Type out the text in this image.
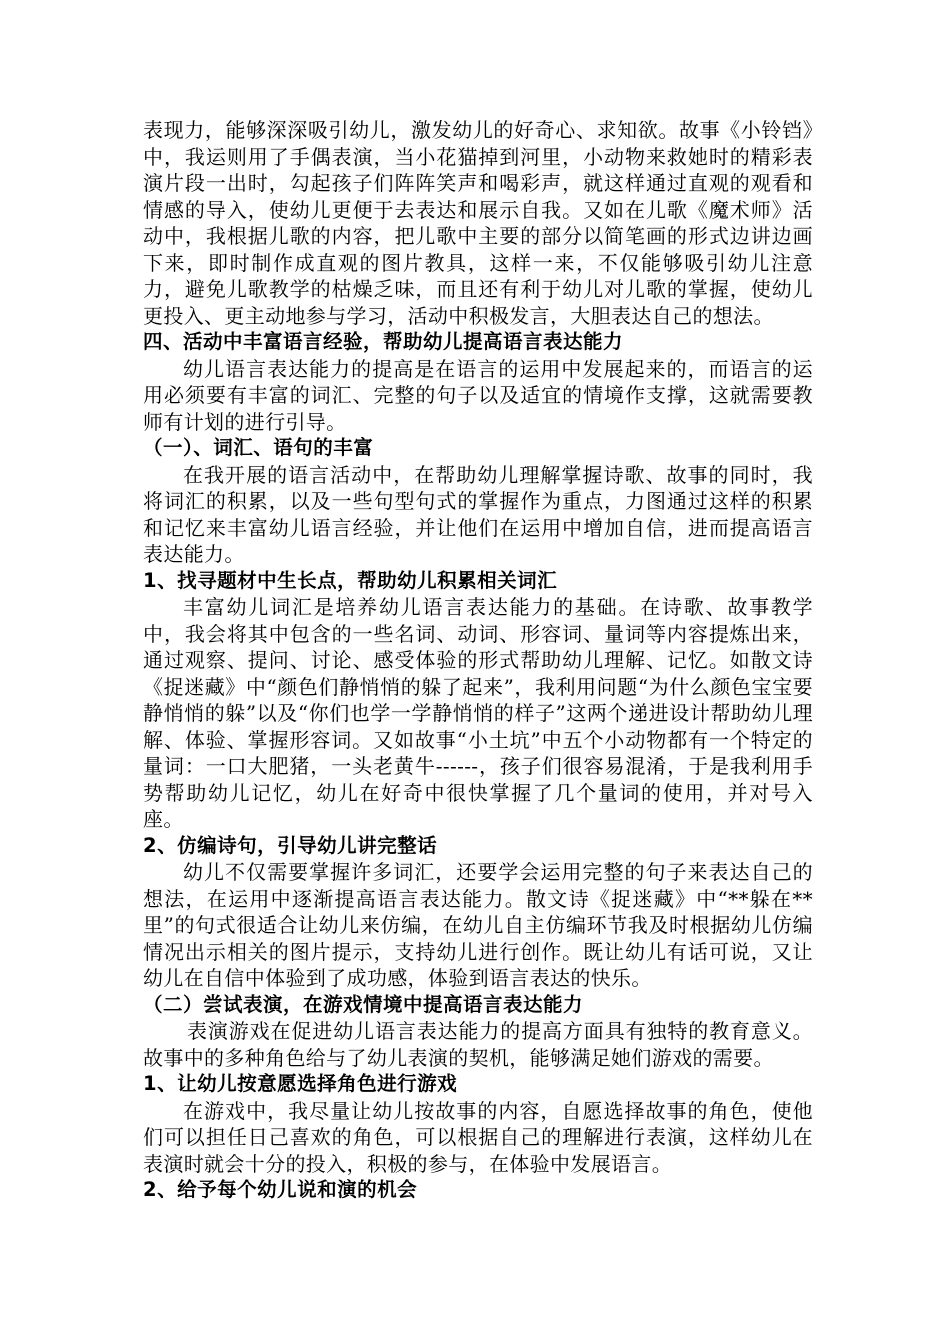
表现力，能够深深吸引幼儿，激发幼儿的好奇心、求知欲。故事《小铃铛》中，我运则用了手偶表演，当小花猫掉到河里，小动物来救她时的精彩表演片段一出时，勾起孩子们阵阵笑声和喝彩声，就这样通过直观的观看和情感的导入，使幼儿更便于去表达和展示自我。又如在儿歌《魔术师》活动中，我根据儿歌的内容，把儿歌中主要的部分以简笔画的形式边讲边画下来，即时制作成直观的图片教具，这样一来，不仅能够吸引幼儿注意力，避免儿歌教学的枯燥乏味，而且还有利于幼儿对儿歌的掌握，使幼儿更投入、更主动地参与学习，活动中积极发言，大胆表达自己的想法。

四、活动中丰富语言经验，帮助幼儿提高语言表达能力

幼儿语言表达能力的提高是在语言的运用中发展起来的，而语言的运用必须要有丰富的词汇、完整的句子以及适宜的情境作支撑，这就需要教师有计划的进行引导。

（一）、词汇、语句的丰富

在我开展的语言活动中，在帮助幼儿理解掌握诗歌、故事的同时，我将词汇的积累，以及一些句型句式的掌握作为重点，力图通过这样的积累和记忆来丰富幼儿语言经验，并让他们在运用中增加自信，进而提高语言表达能力。

1、找寻题材中生长点，帮助幼儿积累相关词汇

丰富幼儿词汇是培养幼儿语言表达能力的基础。在诗歌、故事教学中，我会将其中包含的一些名词、动词、形容词、量词等内容提炼出来，通过观察、提问、讨论、感受体验的形式帮助幼儿理解、记忆。如散文诗《捉迷藏》中“颜色们静悄悄的躲了起来”，我利用问题“为什么颜色宝宝要静悄悄的躲”以及“你们也学一学静悄悄的样子”这两个递进设计帮助幼儿理解、体验、掌握形容词。又如故事“小土坑”中五个小动物都有一个特定的量词：一口大肥猪，一头老黄牛------，孩子们很容易混淆，于是我利用手势帮助幼儿记忆，幼儿在好奇中很快掌握了几个量词的使用，并对号入座。

2、仿编诗句，引导幼儿讲完整话

幼儿不仅需要掌握许多词汇，还要学会运用完整的句子来表达自己的想法，在运用中逐渐提高语言表达能力。散文诗《捉迷藏》中“**躲在**里”的句式很适合让幼儿来仿编，在幼儿自主仿编环节我及时根据幼儿仿编情况出示相关的图片提示，支持幼儿进行创作。既让幼儿有话可说，又让幼儿在自信中体验到了成功感，体验到语言表达的快乐。

（二）尝试表演，在游戏情境中提高语言表达能力

表演游戏在促进幼儿语言表达能力的提高方面具有独特的教育意义。故事中的多种角色给与了幼儿表演的契机，能够满足她们游戏的需要。

1、让幼儿按意愿选择角色进行游戏

在游戏中，我尽量让幼儿按故事的内容，自愿选择故事的角色，使他们可以担任日己喜欢的角色，可以根据自己的理解进行表演，这样幼儿在表演时就会十分的投入，积极的参与，在体验中发展语言。

2、给予每个幼儿说和演的机会
